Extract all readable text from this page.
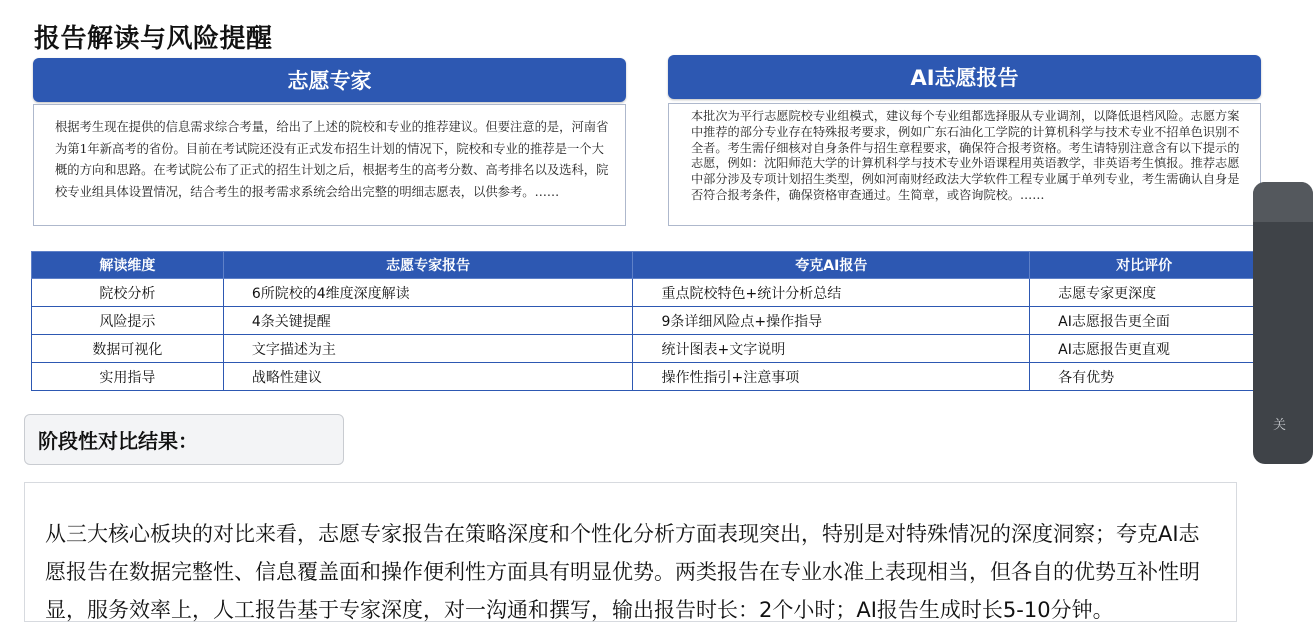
报告解读与风险提醒
志愿专家
根据考生现在提供的信息需求综合考量，给出了上述的院校和专业的推荐建议。但要注意的是，河南省为第1年新高考的省份。目前在考试院还没有正式发布招生计划的情况下，院校和专业的推荐是一个大概的方向和思路。在考试院公布了正式的招生计划之后，根据考生的高考分数、高考排名以及选科，院校专业组具体设置情况，结合考生的报考需求系统会给出完整的明细志愿表，以供参考。……
AI志愿报告
本批次为平行志愿院校专业组模式，建议每个专业组都选择服从专业调剂，以降低退档风险。志愿方案中推荐的部分专业存在特殊报考要求，例如广东石油化工学院的计算机科学与技术专业不招单色识别不全者。考生需仔细核对自身条件与招生章程要求，确保符合报考资格。考生请特别注意含有以下提示的志愿，例如：沈阳师范大学的计算机科学与技术专业外语课程用英语教学，非英语考生慎报。推荐志愿中部分涉及专项计划招生类型，例如河南财经政法大学软件工程专业属于单列专业，考生需确认自身是否符合报考条件，确保资格审查通过。生简章，或咨询院校。……
解读维度	志愿专家报告	夸克AI报告	对比评价
院校分析	6所院校的4维度深度解读	重点院校特色+统计分析总结	志愿专家更深度
风险提示	4条关键提醒	9条详细风险点+操作指导	AI志愿报告更全面
数据可视化	文字描述为主	统计图表+文字说明	AI志愿报告更直观
实用指导	战略性建议	操作性指引+注意事项	各有优势
关
阶段性对比结果：
从三大核心板块的对比来看，志愿专家报告在策略深度和个性化分析方面表现突出，特别是对特殊情况的深度洞察；夸克AI志愿报告在数据完整性、信息覆盖面和操作便利性方面具有明显优势。两类报告在专业水准上表现相当，但各自的优势互补性明显，服务效率上，人工报告基于专家深度，对一沟通和撰写，输出报告时长：2个小时；AI报告生成时长5-10分钟。
